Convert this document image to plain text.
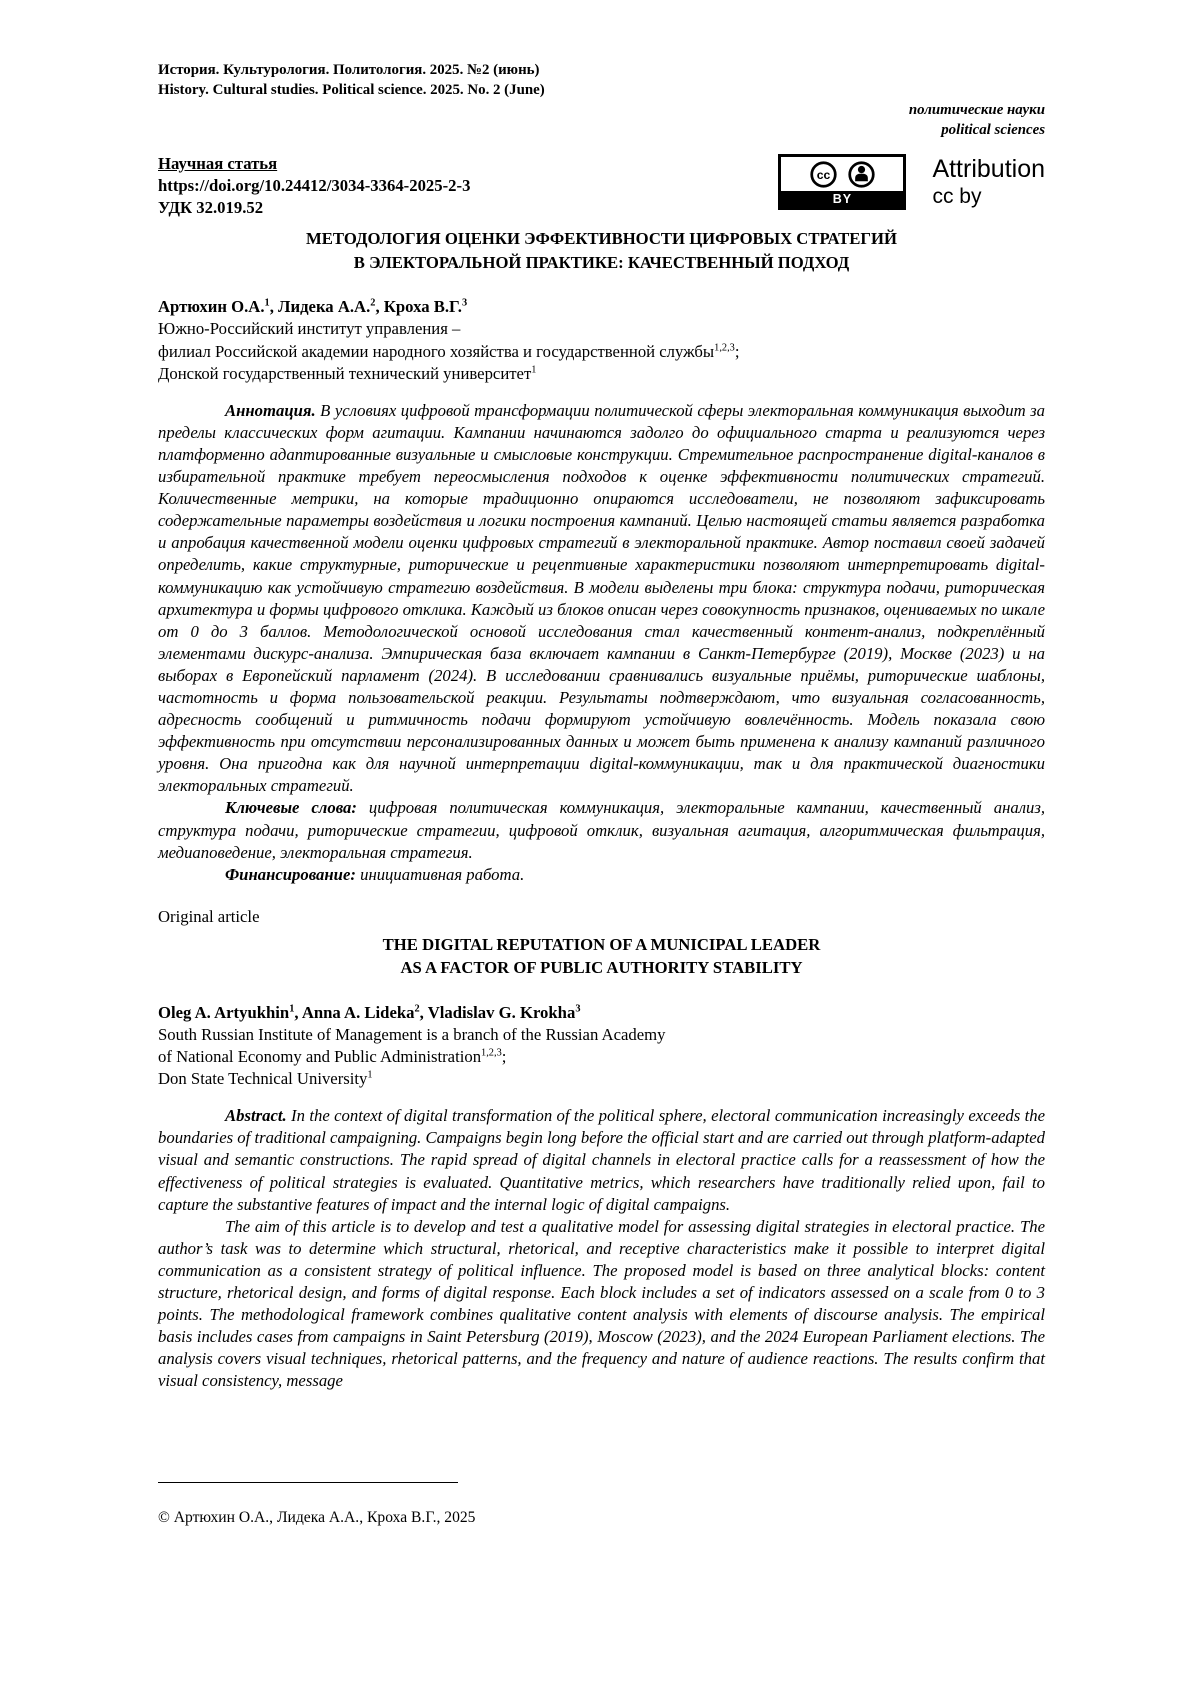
История. Культурология. Политология. 2025. №2 (июнь)

History. Cultural studies. Political science. 2025. No. 2 (June)

политические науки

political sciences

Научная статья

https://doi.org/10.24412/3034-3364-2025-2-3

УДК 32.019.52

cc
BY
Attribution
cc by

МЕТОДОЛОГИЯ ОЦЕНКИ ЭФФЕКТИВНОСТИ ЦИФРОВЫХ СТРАТЕГИЙ
В ЭЛЕКТОРАЛЬНОЙ ПРАКТИКЕ: КАЧЕСТВЕННЫЙ ПОДХОД

Артюхин О.А.$^1$, Лидека А.А.$^2$, Кроха В.Г.$^3$

Южно-Российский институт управления –

филиал Российской академии народного хозяйства и государственной службы$^{1,2,3}$;

Донской государственный технический университет$^1$

Аннотация. В условиях цифровой трансформации политической сферы электоральная коммуникация выходит за пределы классических форм агитации. Кампании начинаются задолго до официального старта и реализуются через платформенно адаптированные визуальные и смысловые конструкции. Стремительное распространение digital-каналов в избирательной практике требует переосмысления подходов к оценке эффективности политических стратегий. Количественные метрики, на которые традиционно опираются исследователи, не позволяют зафиксировать содержательные параметры воздействия и логики построения кампаний. Целью настоящей статьи является разработка и апробация качественной модели оценки цифровых стратегий в электоральной практике. Автор поставил своей задачей определить, какие структурные, риторические и рецептивные характеристики позволяют интерпретировать digital-коммуникацию как устойчивую стратегию воздействия. В модели выделены три блока: структура подачи, риторическая архитектура и формы цифрового отклика. Каждый из блоков описан через совокупность признаков, оцениваемых по шкале от 0 до 3 баллов. Методологической основой исследования стал качественный контент-анализ, подкреплённый элементами дискурс-анализа. Эмпирическая база включает кампании в Санкт-Петербурге (2019), Москве (2023) и на выборах в Европейский парламент (2024). В исследовании сравнивались визуальные приёмы, риторические шаблоны, частотность и форма пользовательской реакции. Результаты подтверждают, что визуальная согласованность, адресность сообщений и ритмичность подачи формируют устойчивую вовлечённость. Модель показала свою эффективность при отсутствии персонализированных данных и может быть применена к анализу кампаний различного уровня. Она пригодна как для научной интерпретации digital-коммуникации, так и для практической диагностики электоральных стратегий.

Ключевые слова: цифровая политическая коммуникация, электоральные кампании, качественный анализ, структура подачи, риторические стратегии, цифровой отклик, визуальная агитация, алгоритмическая фильтрация, медиаповедение, электоральная стратегия.

Финансирование: инициативная работа.

Original article

THE DIGITAL REPUTATION OF A MUNICIPAL LEADER
AS A FACTOR OF PUBLIC AUTHORITY STABILITY

Oleg A. Artyukhin$^1$, Anna A. Lideka$^2$, Vladislav G. Krokha$^3$

South Russian Institute of Management is a branch of the Russian Academy

of National Economy and Public Administration$^{1,2,3}$;

Don State Technical University$^1$

Abstract. In the context of digital transformation of the political sphere, electoral communication increasingly exceeds the boundaries of traditional campaigning. Campaigns begin long before the official start and are carried out through platform-adapted visual and semantic constructions. The rapid spread of digital channels in electoral practice calls for a reassessment of how the effectiveness of political strategies is evaluated. Quantitative metrics, which researchers have traditionally relied upon, fail to capture the substantive features of impact and the internal logic of digital campaigns.

The aim of this article is to develop and test a qualitative model for assessing digital strategies in electoral practice. The author’s task was to determine which structural, rhetorical, and receptive characteristics make it possible to interpret digital communication as a consistent strategy of political influence. The proposed model is based on three analytical blocks: content structure, rhetorical design, and forms of digital response. Each block includes a set of indicators assessed on a scale from 0 to 3 points. The methodological framework combines qualitative content analysis with elements of discourse analysis. The empirical basis includes cases from campaigns in Saint Petersburg (2019), Moscow (2023), and the 2024 European Parliament elections. The analysis covers visual techniques, rhetorical patterns, and the frequency and nature of audience reactions. The results confirm that visual consistency, message

© Артюхин О.А., Лидека А.А., Кроха В.Г., 2025
